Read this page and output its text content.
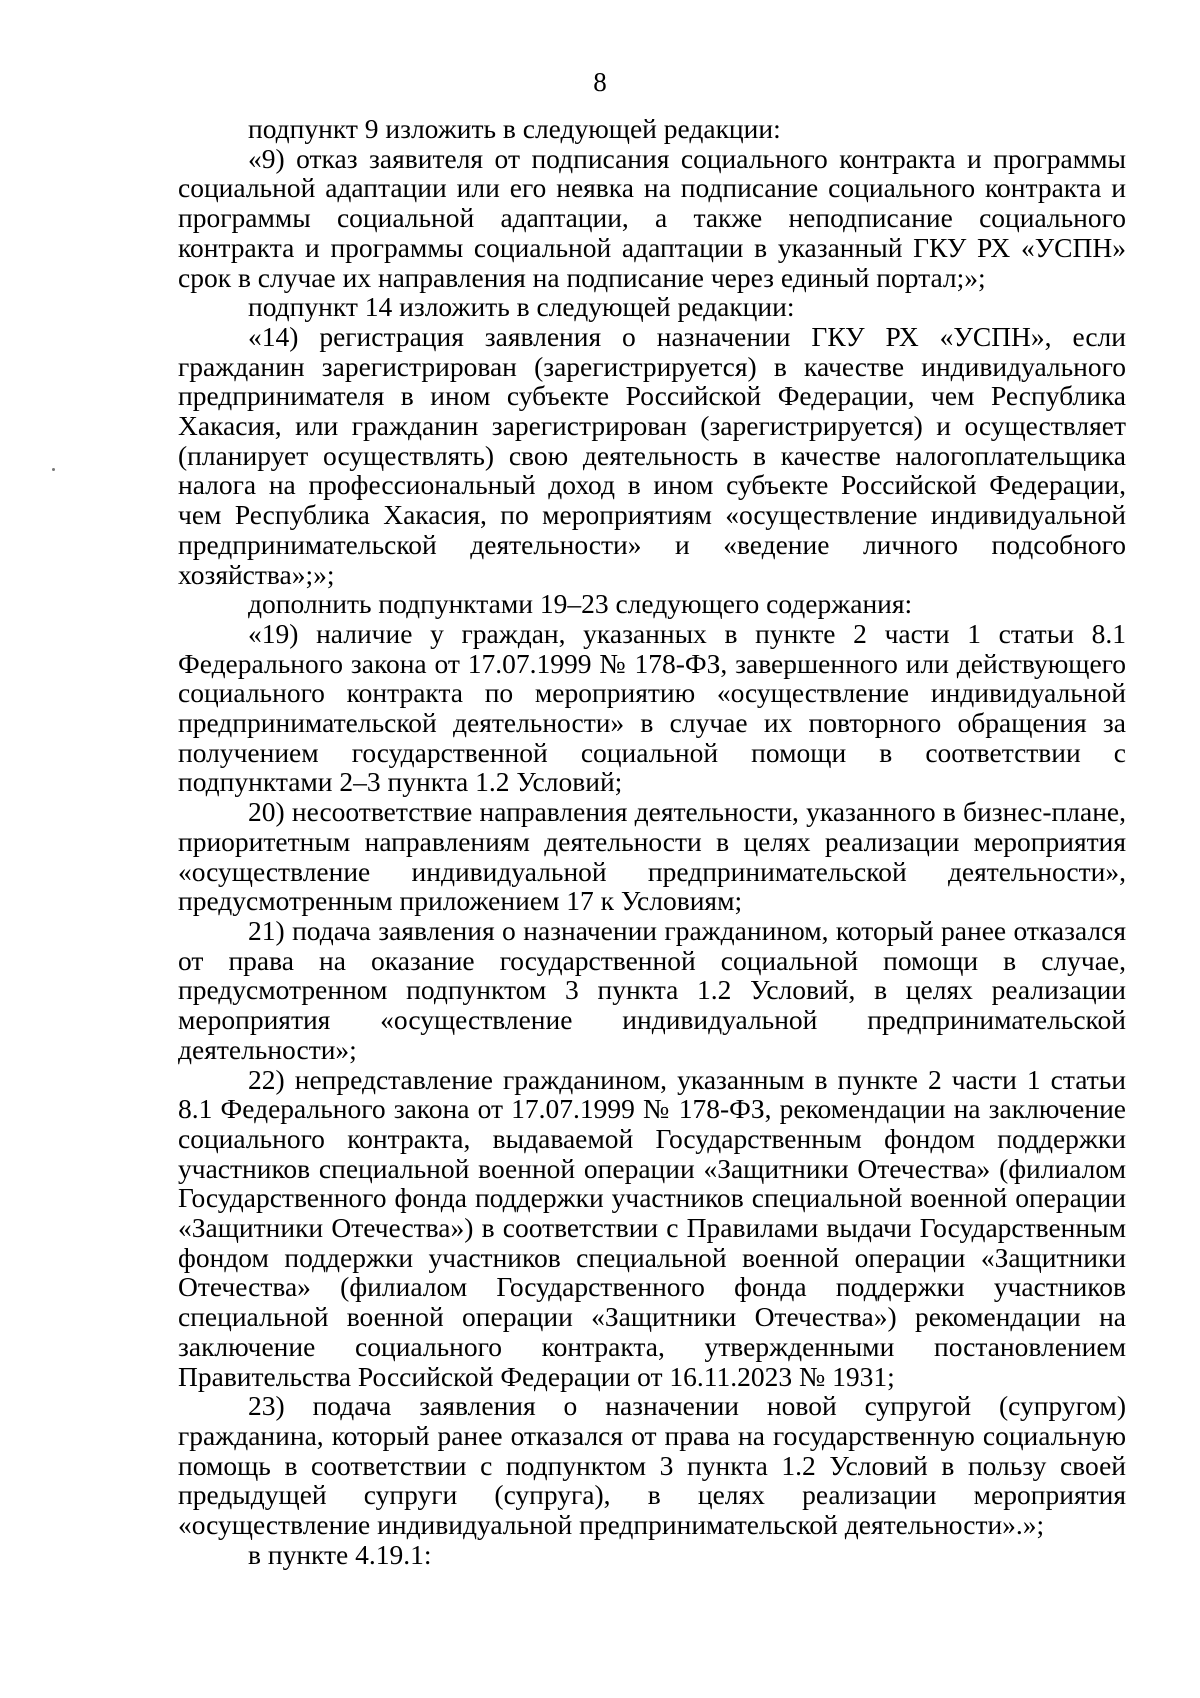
8

подпункт 9 изложить в следующей редакции:

«9) отказ заявителя от подписания социального контракта и программы социальной адаптации или его неявка на подписание социального контракта и программы социальной адаптации, а также неподписание социального контракта и программы социальной адаптации в указанный ГКУ РХ «УСПН» срок в случае их направления на подписание через единый портал;»;

подпункт 14 изложить в следующей редакции:

«14) регистрация заявления о назначении ГКУ РХ «УСПН», если гражданин зарегистрирован (зарегистрируется) в качестве индивидуального предпринимателя в ином субъекте Российской Федерации, чем Республика Хакасия, или гражданин зарегистрирован (зарегистрируется) и осуществляет (планирует осуществлять) свою деятельность в качестве налогоплательщика налога на профессиональный доход в ином субъекте Российской Федерации, чем Республика Хакасия, по мероприятиям «осуществление индивидуальной предпринимательской деятельности» и «ведение личного подсобного хозяйства»;»;

дополнить подпунктами 19–23 следующего содержания:

«19) наличие у граждан, указанных в пункте 2 части 1 статьи 8.1 Федерального закона от 17.07.1999 № 178-ФЗ, завершенного или действующего социального контракта по мероприятию «осуществление индивидуальной предпринимательской деятельности» в случае их повторного обращения за получением государственной социальной помощи в соответствии с подпунктами 2–3 пункта 1.2 Условий;

20) несоответствие направления деятельности, указанного в бизнес-плане, приоритетным направлениям деятельности в целях реализации мероприятия «осуществление индивидуальной предпринимательской деятельности», предусмотренным приложением 17 к Условиям;

21) подача заявления о назначении гражданином, который ранее отказался от права на оказание государственной социальной помощи в случае, предусмотренном подпунктом 3 пункта 1.2 Условий, в целях реализации мероприятия «осуществление индивидуальной предпринимательской деятельности»;

22) непредставление гражданином, указанным в пункте 2 части 1 статьи 8.1 Федерального закона от 17.07.1999 № 178-ФЗ, рекомендации на заключение социального контракта, выдаваемой Государственным фондом поддержки участников специальной военной операции «Защитники Отечества» (филиалом Государственного фонда поддержки участников специальной военной операции «Защитники Отечества») в соответствии с Правилами выдачи Государственным фондом поддержки участников специальной военной операции «Защитники Отечества» (филиалом Государственного фонда поддержки участников специальной военной операции «Защитники Отечества») рекомендации на заключение социального контракта, утвержденными постановлением Правительства Российской Федерации от 16.11.2023 № 1931;

23) подача заявления о назначении новой супругой (супругом) гражданина, который ранее отказался от права на государственную социальную помощь в соответствии с подпунктом 3 пункта 1.2 Условий в пользу своей предыдущей супруги (супруга), в целях реализации мероприятия «осуществление индивидуальной предпринимательской деятельности».»;

в пункте 4.19.1:
